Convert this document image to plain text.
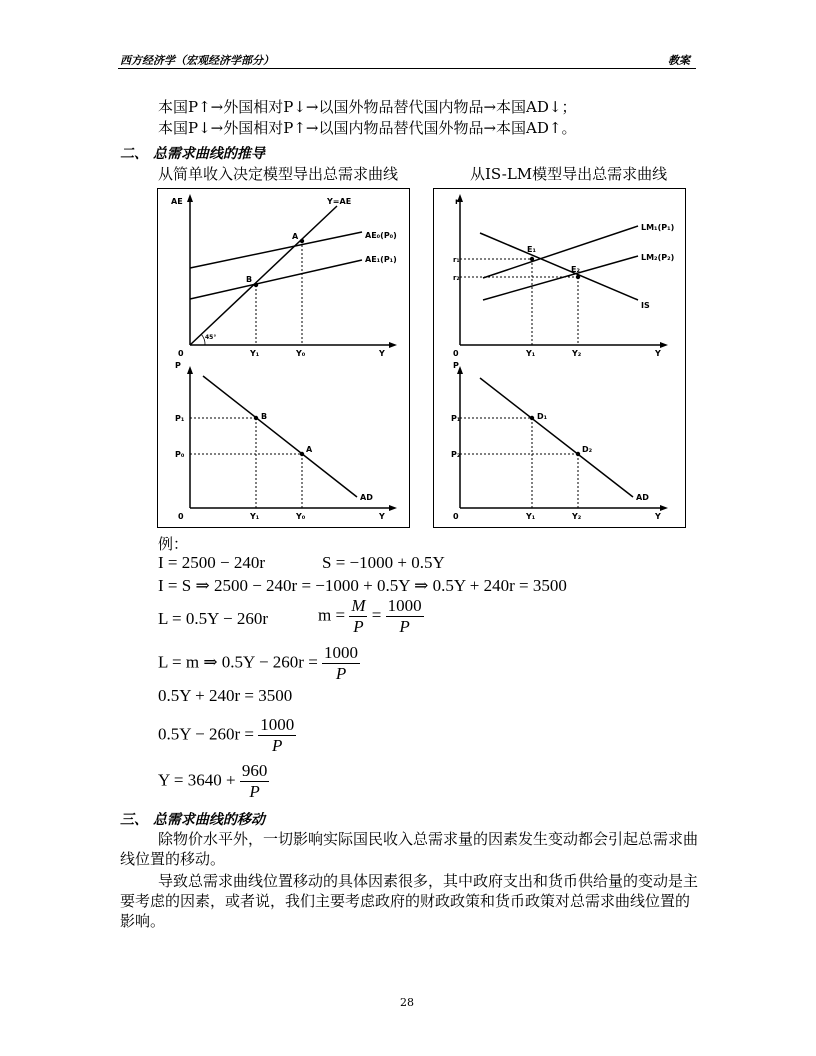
西方经济学（宏观经济学部分）	教案
本国P↑→外国相对P↓→以国外物品替代国内物品→本国AD↓；
本国P↓→外国相对P↑→以国内物品替代国外物品→本国AD↑。
二、 总需求曲线的推导
从简单收入决定模型导出总需求曲线	从IS-LM模型导出总需求曲线
AE	Y=AE
AE₀(P₀)
AE₁(P₁)
A
B
45°
0	Y₁	Y₀	Y
P
P₁
P₀
B
A
AD
0	Y₁	Y₀	Y
r
LM₁(P₁)
LM₂(P₂)
IS
E₁
E₂
r₁
r₂
0	Y₁	Y₂	Y
P
P₁
P₂
D₁
D₂
AD
0	Y₁	Y₂	Y
例：
I = 2500 − 240r	S = −1000 + 0.5Y
I = S ⇒ 2500 − 240r = −1000 + 0.5Y ⇒ 0.5Y + 240r = 3500
L = 0.5Y − 260r	$m = \frac{M}{P} = \frac{1000}{P}$
L = m ⇒ $0.5Y - 260r = \frac{1000}{P}$
0.5Y + 240r = 3500
$0.5Y - 260r = \frac{1000}{P}$
$Y = 3640 + \frac{960}{P}$
三、 总需求曲线的移动
除物价水平外，一切影响实际国民收入总需求量的因素发生变动都会引起总需求曲线位置的移动。
导致总需求曲线位置移动的具体因素很多，其中政府支出和货币供给量的变动是主要考虑的因素，或者说，我们主要考虑政府的财政政策和货币政策对总需求曲线位置的影响。
28
